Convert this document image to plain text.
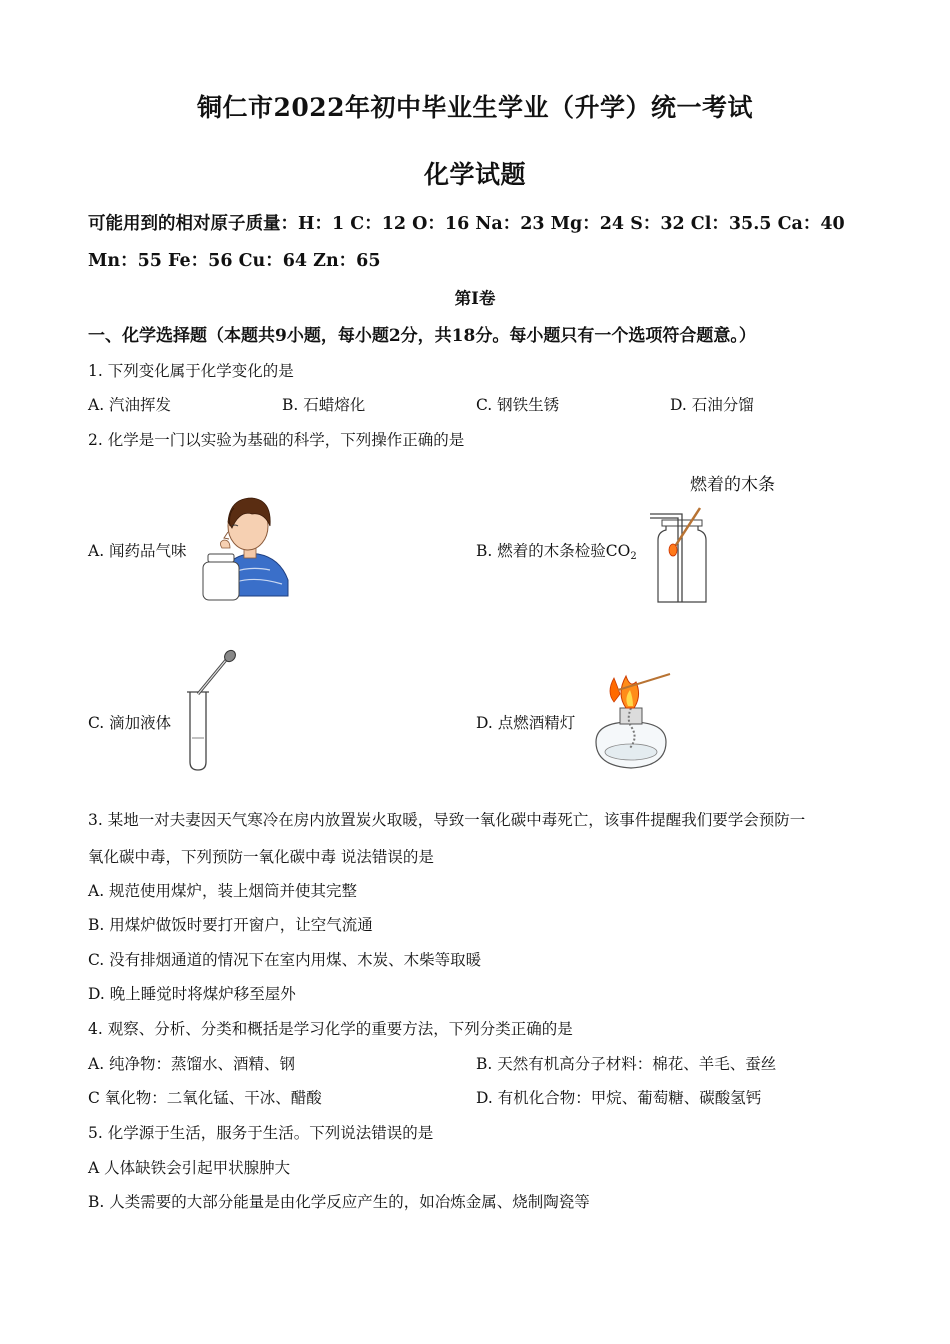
铜仁市2022年初中毕业生学业（升学）统一考试
化学试题
可能用到的相对原子质量：H：1 C：12 O：16 Na：23 Mg：24 S：32 Cl：35.5 Ca：40
Mn：55 Fe：56 Cu：64 Zn：65
第Ⅰ卷
一、化学选择题（本题共9小题，每小题2分，共18分。每小题只有一个选项符合题意。）
1. 下列变化属于化学变化的是
A. 汽油挥发	B. 石蜡熔化	C. 钢铁生锈	D. 石油分馏
2. 化学是一门以实验为基础的科学，下列操作正确的是
A. 闻药品气味	B. 燃着的木条检验$CO_2$
燃着的木条
C. 滴加液体	D. 点燃酒精灯
3. 某地一对夫妻因天气寒冷在房内放置炭火取暖，导致一氧化碳中毒死亡，该事件提醒我们要学会预防一
氧化碳中毒，下列预防一氧化碳中毒 说法错误的是
A. 规范使用煤炉，装上烟筒并使其完整
B. 用煤炉做饭时要打开窗户，让空气流通
C. 没有排烟通道的情况下在室内用煤、木炭、木柴等取暖
D. 晚上睡觉时将煤炉移至屋外
4. 观察、分析、分类和概括是学习化学的重要方法，下列分类正确的是
A. 纯净物：蒸馏水、酒精、钢	B. 天然有机高分子材料：棉花、羊毛、蚕丝
C 氧化物：二氧化锰、干冰、醋酸	D. 有机化合物：甲烷、葡萄糖、碳酸氢钙
5. 化学源于生活，服务于生活。下列说法错误的是
A 人体缺铁会引起甲状腺肿大
B. 人类需要的大部分能量是由化学反应产生的，如冶炼金属、烧制陶瓷等
